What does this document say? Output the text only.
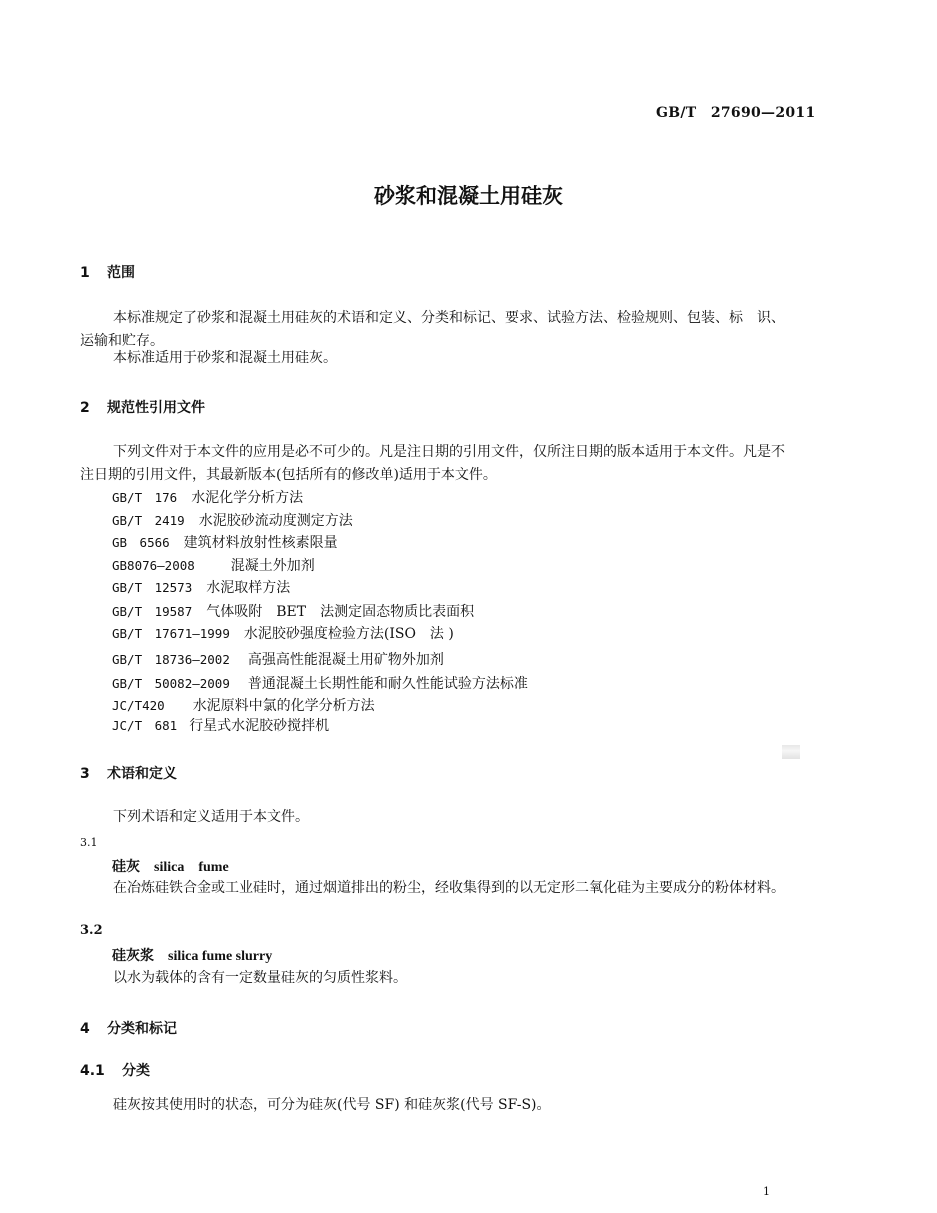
GB/T　27690—2011
砂浆和混凝土用硅灰
1 范围
本标准规定了砂浆和混凝土用硅灰的术语和定义、分类和标记、要求、试验方法、检验规则、包装、标　识、运输和贮存。
本标准适用于砂浆和混凝土用硅灰。
2 规范性引用文件
下列文件对于本文件的应用是必不可少的。凡是注日期的引用文件，仅所注日期的版本适用于本文件。凡是不注日期的引用文件，其最新版本(包括所有的修改单)适用于本文件。
GB/T　176 水泥化学分析方法
GB/T　2419 水泥胶砂流动度测定方法
GB　6566 建筑材料放射性核素限量
GB8076—2008	混凝土外加剂
GB/T　12573 水泥取样方法
GB/T　19587 气体吸附　BET　法测定固态物质比表面积
GB/T　17671—1999 水泥胶砂强度检验方法(ISO　法 )
GB/T　18736—2002 高强高性能混凝土用矿物外加剂
GB/T　50082—2009 普通混凝土长期性能和耐久性能试验方法标准
JC/T420 水泥原料中氯的化学分析方法
JC/T　681 行星式水泥胶砂搅拌机
3 术语和定义
下列术语和定义适用于本文件。
3.1
硅灰 silica　fume
在冶炼硅铁合金或工业硅时，通过烟道排出的粉尘，经收集得到的以无定形二氧化硅为主要成分的粉体材料。
3.2
硅灰浆 silica fume slurry
以水为载体的含有一定数量硅灰的匀质性浆料。
4 分类和标记
4.1 分类
硅灰按其使用时的状态，可分为硅灰(代号 SF) 和硅灰浆(代号 SF-S)。
1
